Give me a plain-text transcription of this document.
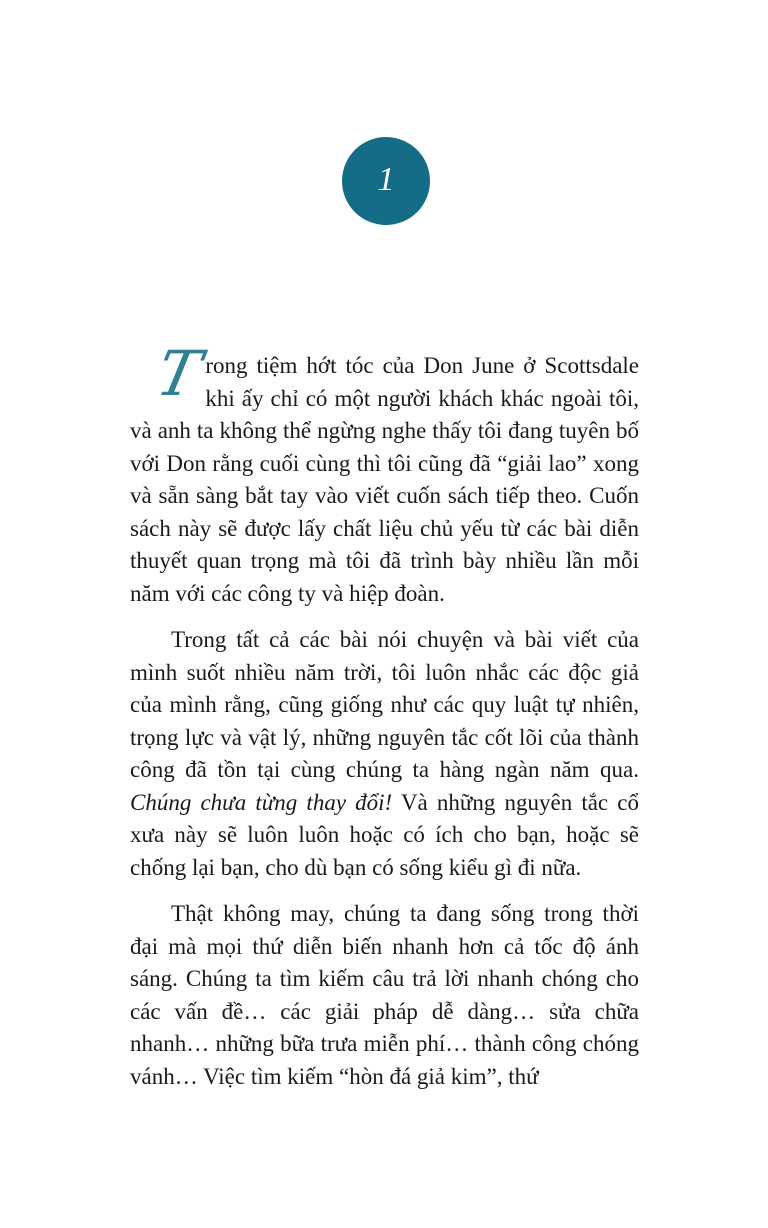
1

T
rong tiệm hớt tóc của Don June ở Scottsdale khi ấy chỉ có một người khách khác ngoài tôi, và anh ta không thể ngừng nghe thấy tôi đang tuyên bố với Don rằng cuối cùng thì tôi cũng đã “giải lao” xong và sẵn sàng bắt tay vào viết cuốn sách tiếp theo. Cuốn sách này sẽ được lấy chất liệu chủ yếu từ các bài diễn thuyết quan trọng mà tôi đã trình bày nhiều lần mỗi năm với các công ty và hiệp đoàn.

Trong tất cả các bài nói chuyện và bài viết của mình suốt nhiều năm trời, tôi luôn nhắc các độc giả của mình rằng, cũng giống như các quy luật tự nhiên, trọng lực và vật lý, những nguyên tắc cốt lõi của thành công đã tồn tại cùng chúng ta hàng ngàn năm qua. Chúng chưa từng thay đổi! Và những nguyên tắc cổ xưa này sẽ luôn luôn hoặc có ích cho bạn, hoặc sẽ chống lại bạn, cho dù bạn có sống kiểu gì đi nữa.

Thật không may, chúng ta đang sống trong thời đại mà mọi thứ diễn biến nhanh hơn cả tốc độ ánh sáng. Chúng ta tìm kiếm câu trả lời nhanh chóng cho các vấn đề… các giải pháp dễ dàng… sửa chữa nhanh… những bữa trưa miễn phí… thành công chóng vánh… Việc tìm kiếm “hòn đá giả kim”, thứ
